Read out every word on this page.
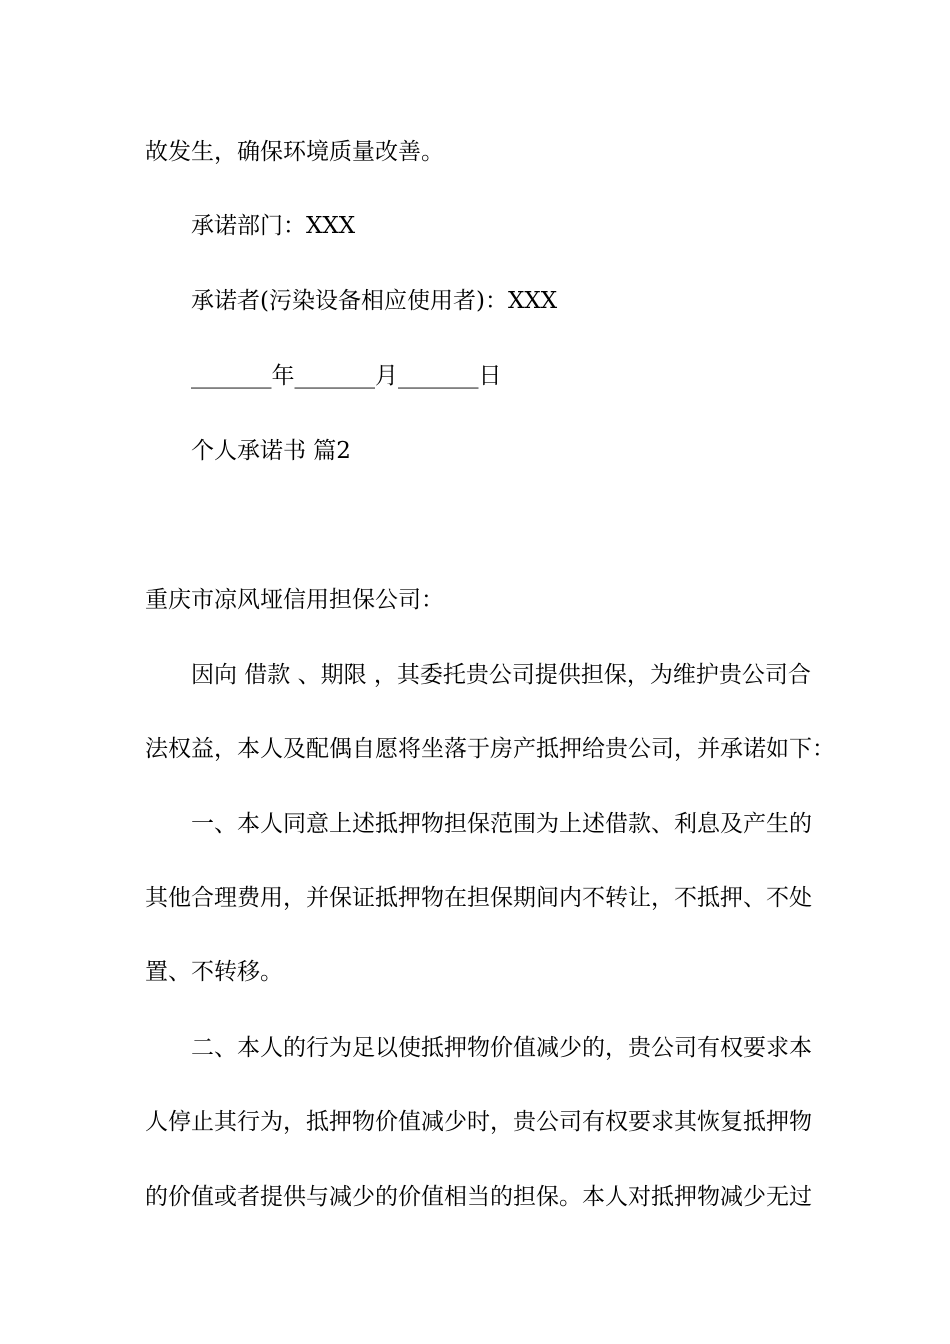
故发生，确保环境质量改善。

承诺部门：XXX

承诺者(污染设备相应使用者)：XXX

_______年_______月_______日

个人承诺书 篇2

重庆市凉风垭信用担保公司：

因向 借款 、期限 ，其委托贵公司提供担保，为维护贵公司合

法权益，本人及配偶自愿将坐落于房产抵押给贵公司，并承诺如下：

一、本人同意上述抵押物担保范围为上述借款、利息及产生的

其他合理费用，并保证抵押物在担保期间内不转让，不抵押、不处

置、不转移。

二、本人的行为足以使抵押物价值减少的，贵公司有权要求本

人停止其行为，抵押物价值减少时，贵公司有权要求其恢复抵押物

的价值或者提供与减少的价值相当的担保。本人对抵押物减少无过
